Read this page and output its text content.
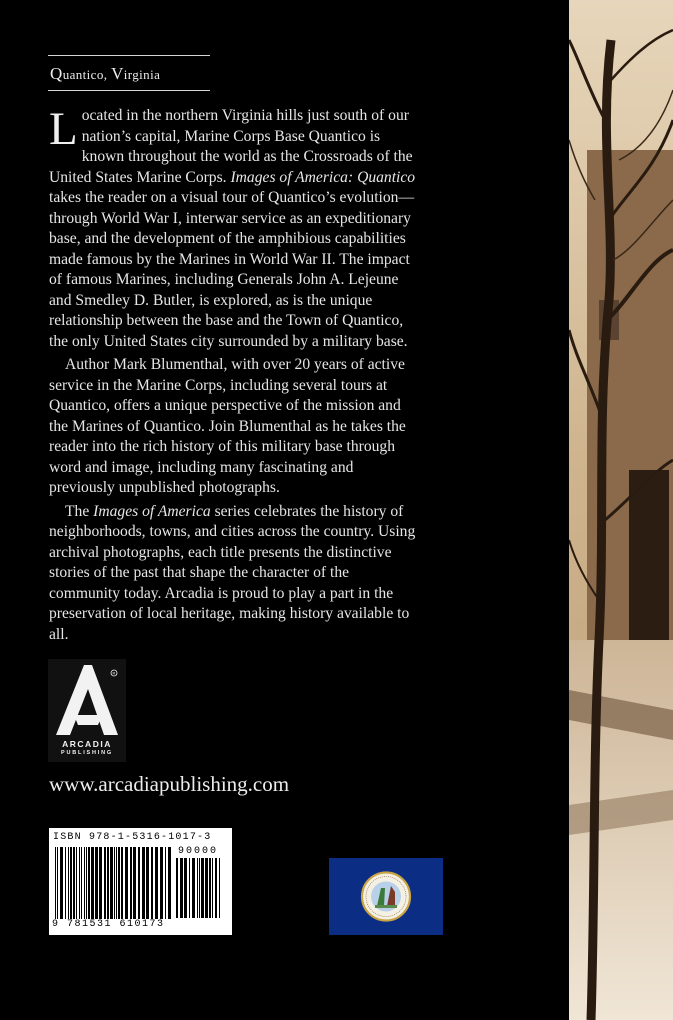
Quantico, Virginia

Located in the northern Virginia hills just south of our nation’s capital, Marine Corps Base Quantico is known throughout the world as the Crossroads of the United States Marine Corps. Images of America: Quantico takes the reader on a visual tour of Quantico’s evolution—through World War I, interwar service as an expeditionary base, and the development of the amphibious capabilities made famous by the Marines in World War II. The impact of famous Marines, including Generals John A. Lejeune and Smedley D. Butler, is explored, as is the unique relationship between the base and the Town of Quantico, the only United States city surrounded by a military base.

Author Mark Blumenthal, with over 20 years of active service in the Marine Corps, including several tours at Quantico, offers a unique perspective of the mission and the Marines of Quantico. Join Blumenthal as he takes the reader into the rich history of this military base through word and image, including many fascinating and previously unpublished photographs.

The Images of America series celebrates the history of neighborhoods, towns, and cities across the country. Using archival photographs, each title presents the distinctive stories of the past that shape the character of the community today. Arcadia is proud to play a part in the preservation of local heritage, making history available to all.

R
ARCADIA
PUBLISHING
www.arcadiapublishing.com
ISBN 978-1-5316-1017-3
90000
9 781531 610173
